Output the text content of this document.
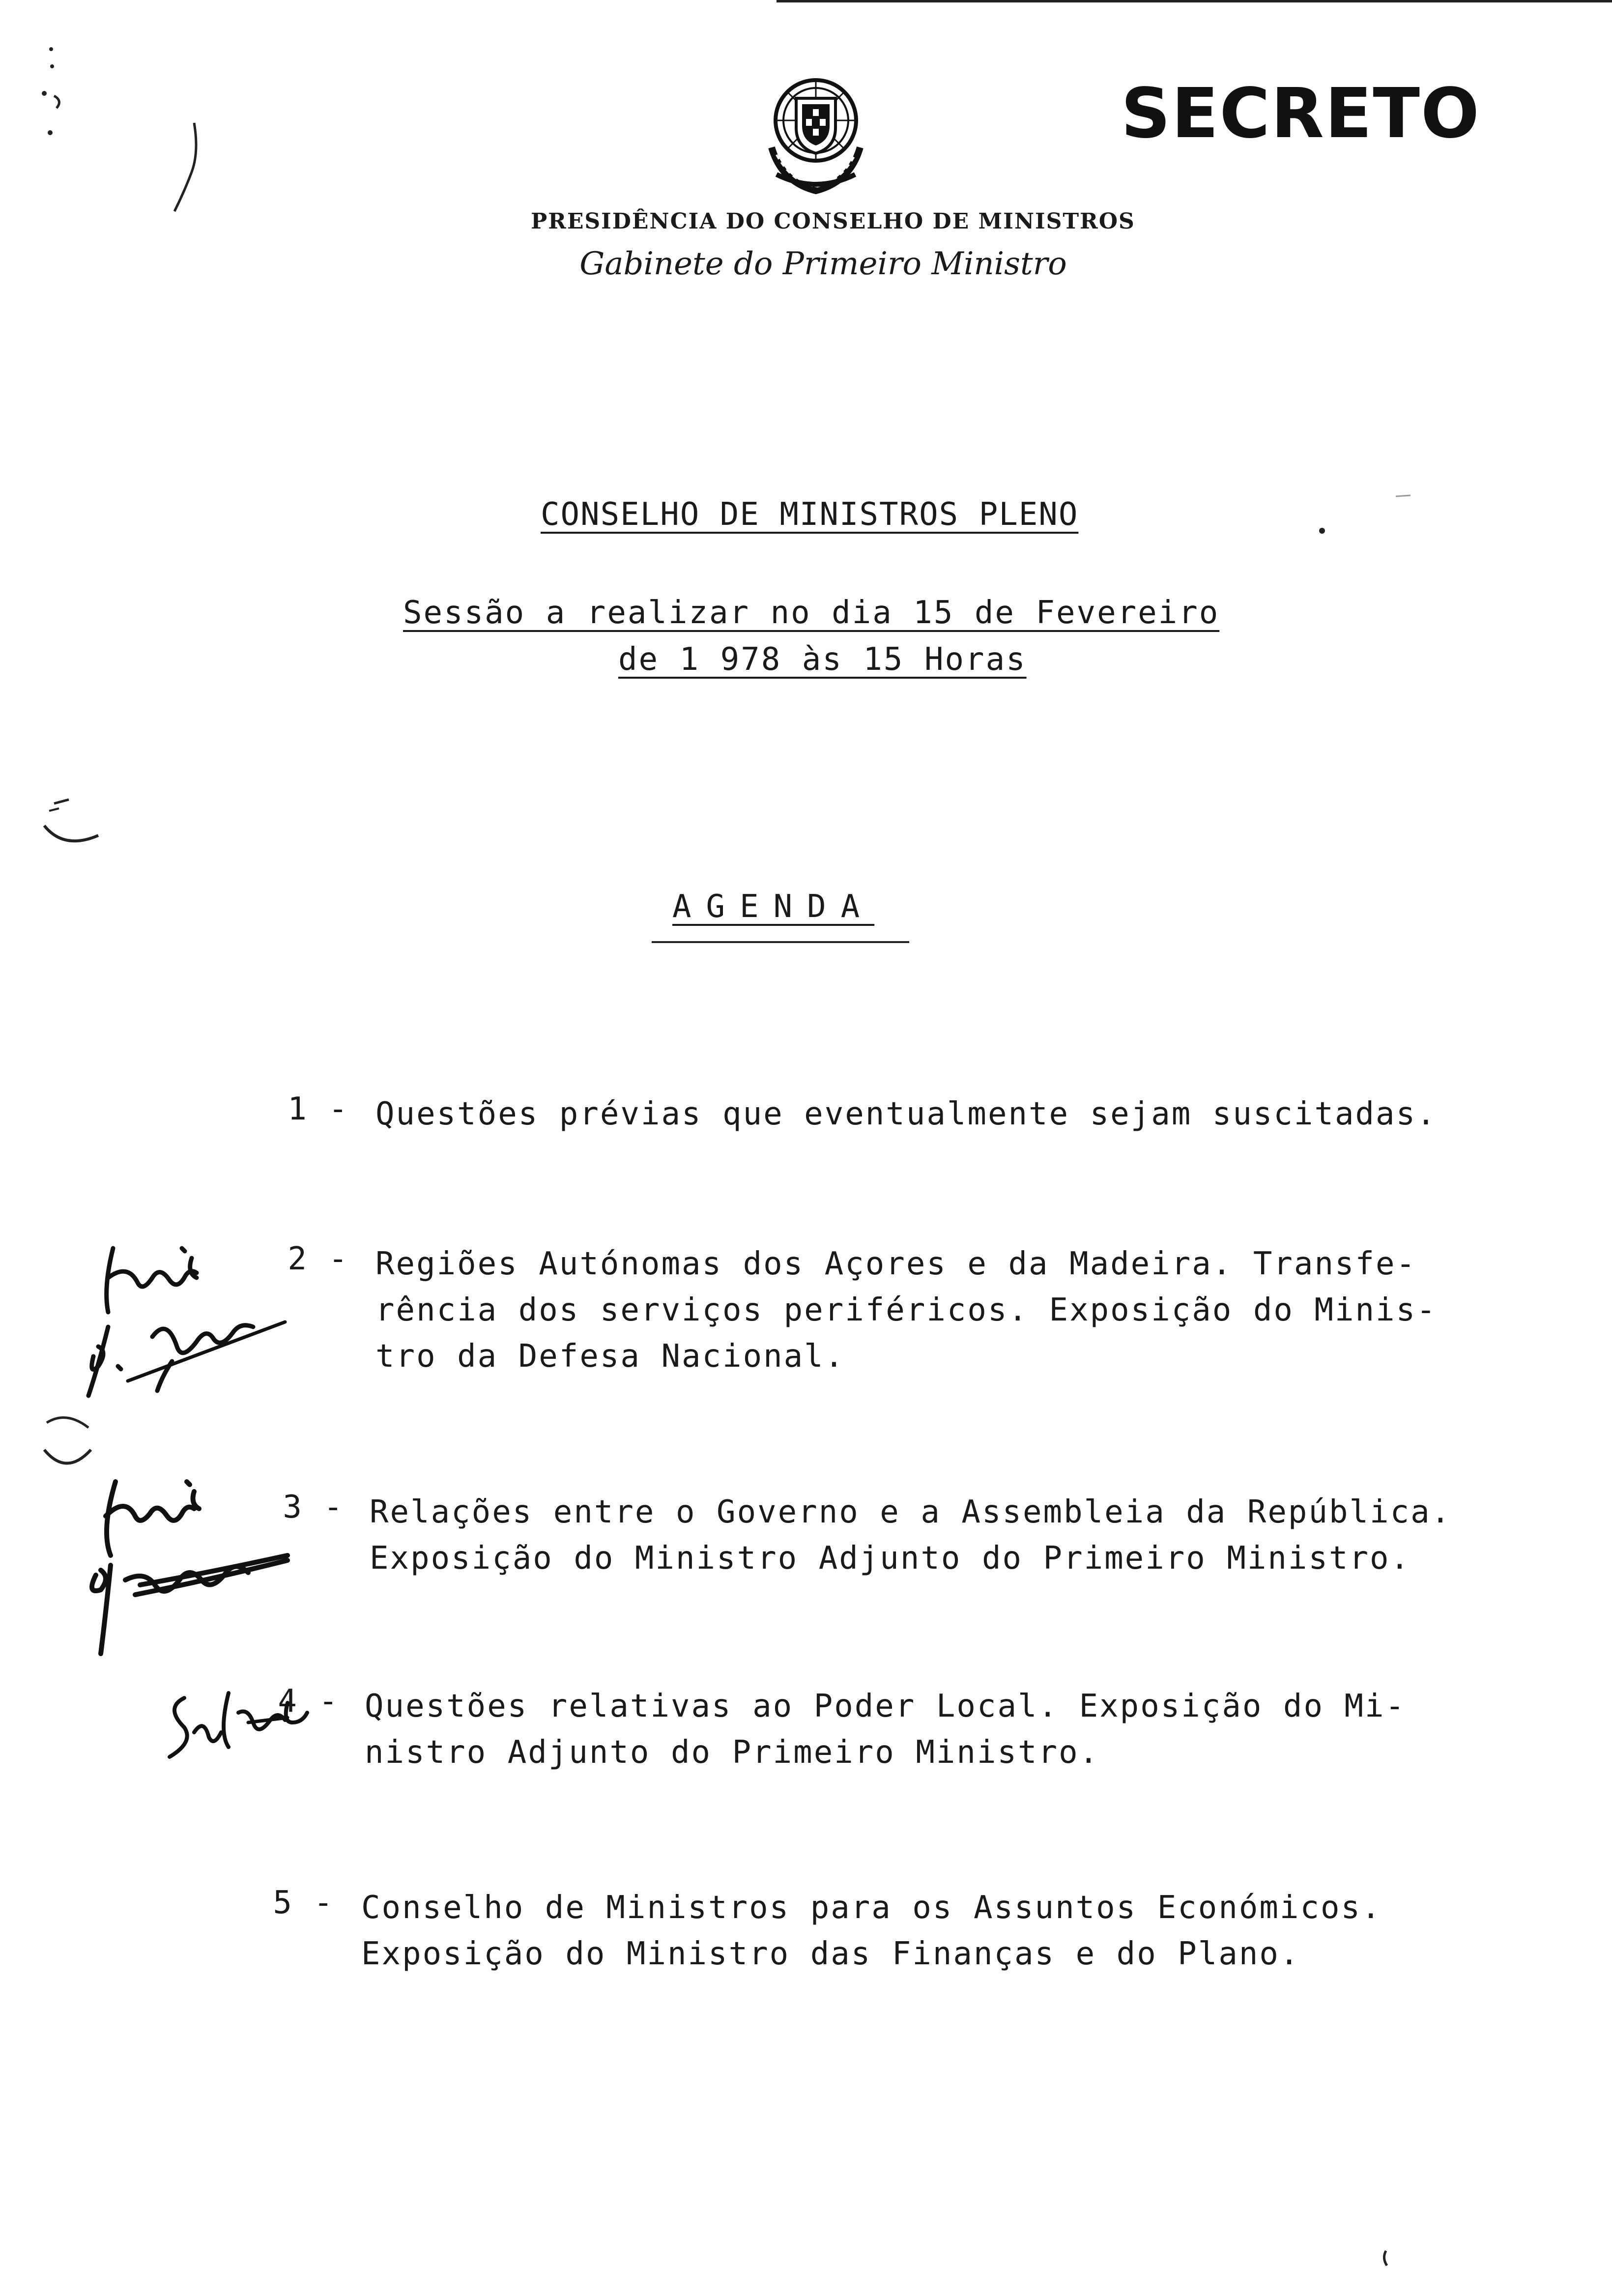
SECRETO
PRESIDÊNCIA DO CONSELHO DE MINISTROS
Gabinete do Primeiro Ministro
CONSELHO DE MINISTROS PLENO
Sessão a realizar no dia 15 de Fevereiro
de 1 978 às 15 Horas
AGENDA
1 - Questões prévias que eventualmente sejam suscitadas.
2 - Regiões Autónomas dos Açores e da Madeira. Transfe-
rência dos serviços periféricos. Exposição do Minis-
tro da Defesa Nacional.
3 - Relações entre o Governo e a Assembleia da República.
Exposição do Ministro Adjunto do Primeiro Ministro.
4 - Questões relativas ao Poder Local. Exposição do Mi-
nistro Adjunto do Primeiro Ministro.
5 - Conselho de Ministros para os Assuntos Económicos.
Exposição do Ministro das Finanças e do Plano.
